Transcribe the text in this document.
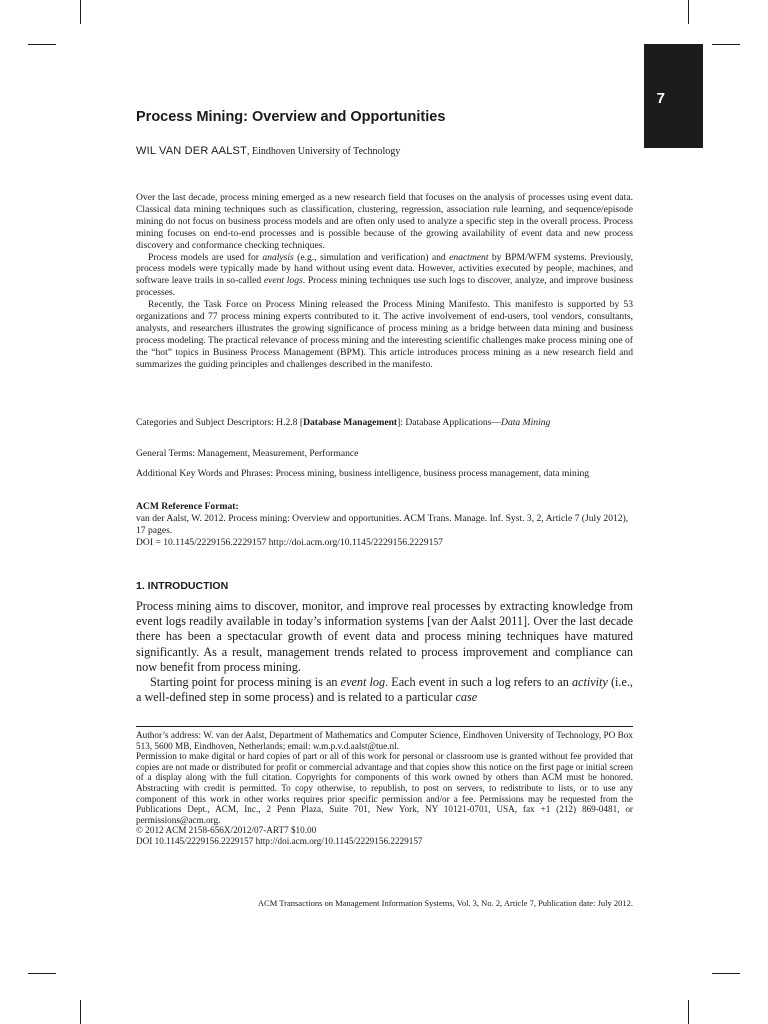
7
Process Mining: Overview and Opportunities
WIL VAN DER AALST, Eindhoven University of Technology

Over the last decade, process mining emerged as a new research field that focuses on the analysis of processes using event data. Classical data mining techniques such as classification, clustering, regression, association rule learning, and sequence/episode mining do not focus on business process models and are often only used to analyze a specific step in the overall process. Process mining focuses on end-to-end processes and is possible because of the growing availability of event data and new process discovery and conformance checking techniques.

Process models are used for analysis (e.g., simulation and verification) and enactment by BPM/WFM systems. Previously, process models were typically made by hand without using event data. However, activities executed by people, machines, and software leave trails in so-called event logs. Process mining techniques use such logs to discover, analyze, and improve business processes.

Recently, the Task Force on Process Mining released the Process Mining Manifesto. This manifesto is supported by 53 organizations and 77 process mining experts contributed to it. The active involvement of end-users, tool vendors, consultants, analysts, and researchers illustrates the growing significance of process mining as a bridge between data mining and business process modeling. The practical relevance of process mining and the interesting scientific challenges make process mining one of the “hot” topics in Business Process Management (BPM). This article introduces process mining as a new research field and summarizes the guiding principles and challenges described in the manifesto.

Categories and Subject Descriptors: H.2.8 [Database Management]: Database Applications—Data Mining
General Terms: Management, Measurement, Performance
Additional Key Words and Phrases: Process mining, business intelligence, business process management, data mining
ACM Reference Format:
van der Aalst, W. 2012. Process mining: Overview and opportunities. ACM Trans. Manage. Inf. Syst. 3, 2, Article 7 (July 2012), 17 pages.
DOI = 10.1145/2229156.2229157 http://doi.acm.org/10.1145/2229156.2229157
1. INTRODUCTION

Process mining aims to discover, monitor, and improve real processes by extracting knowledge from event logs readily available in today’s information systems [van der Aalst 2011]. Over the last decade there has been a spectacular growth of event data and process mining techniques have matured significantly. As a result, management trends related to process improvement and compliance can now benefit from process mining.

Starting point for process mining is an event log. Each event in such a log refers to an activity (i.e., a well-defined step in some process) and is related to a particular case

Author’s address: W. van der Aalst, Department of Mathematics and Computer Science, Eindhoven University of Technology, PO Box 513, 5600 MB, Eindhoven, Netherlands; email: w.m.p.v.d.aalst@tue.nl.

Permission to make digital or hard copies of part or all of this work for personal or classroom use is granted without fee provided that copies are not made or distributed for profit or commercial advantage and that copies show this notice on the first page or initial screen of a display along with the full citation. Copyrights for components of this work owned by others than ACM must be honored. Abstracting with credit is permitted. To copy otherwise, to republish, to post on servers, to redistribute to lists, or to use any component of this work in other works requires prior specific permission and/or a fee. Permissions may be requested from the Publications Dept., ACM, Inc., 2 Penn Plaza, Suite 701, New York, NY 10121-0701, USA, fax +1 (212) 869-0481, or permissions@acm.org.

© 2012 ACM 2158-656X/2012/07-ART7 $10.00

DOI 10.1145/2229156.2229157 http://doi.acm.org/10.1145/2229156.2229157

ACM Transactions on Management Information Systems, Vol. 3, No. 2, Article 7, Publication date: July 2012.
